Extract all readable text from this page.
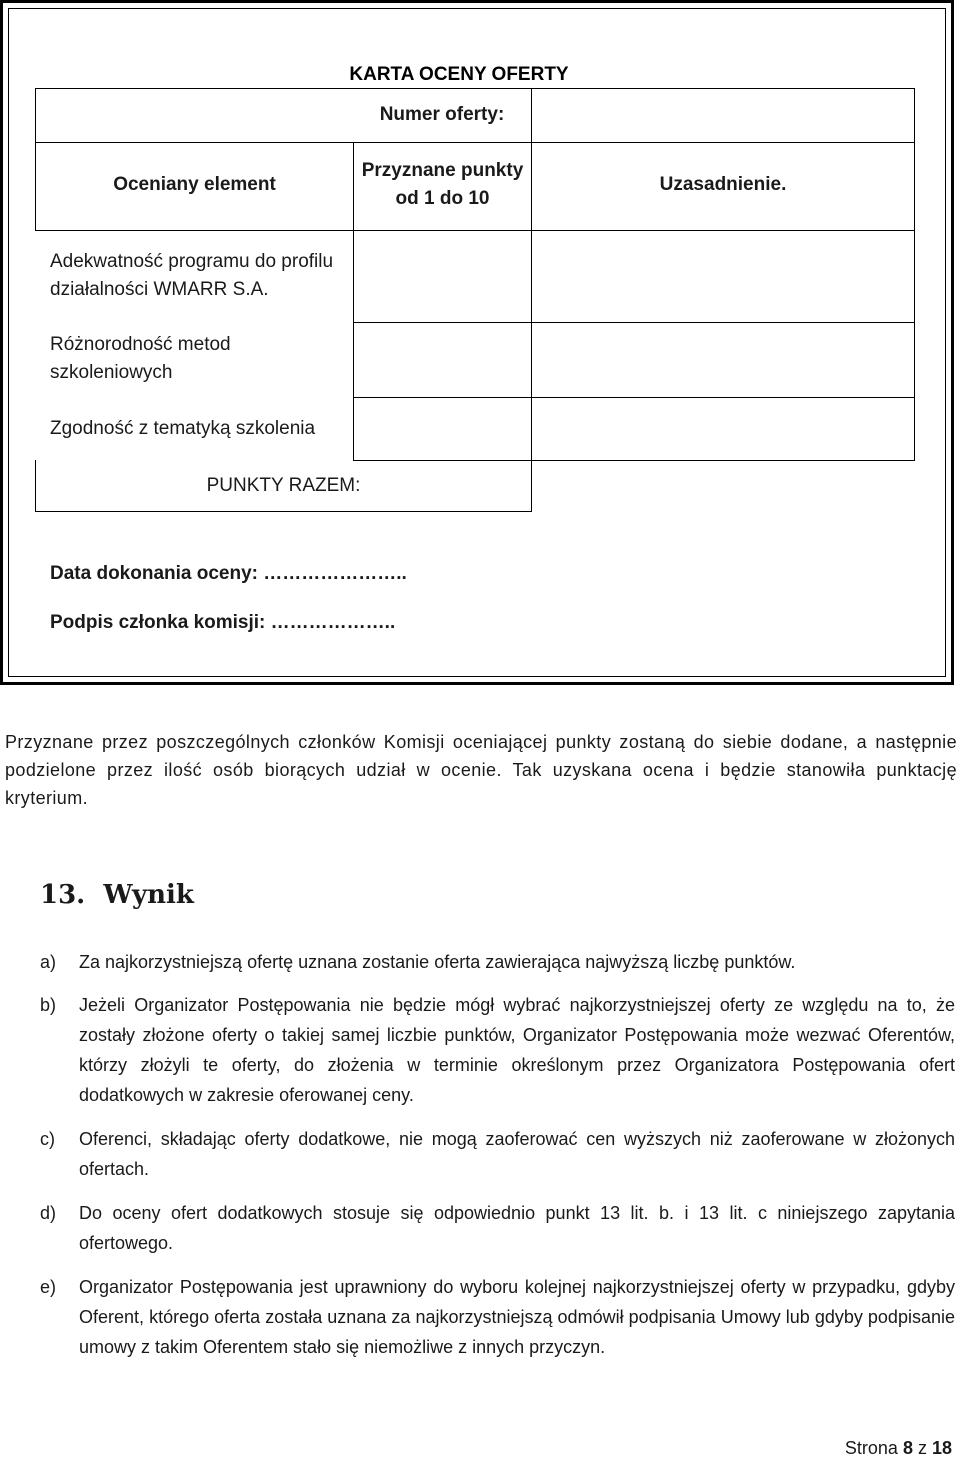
KARTA OCENY OFERTY
Numer oferty:
Oceniany element
Przyznane punkty od 1 do 10
Uzasadnienie.
Adekwatność programu do profilu działalności WMARR S.A.
Różnorodność metod szkoleniowych
Zgodność z tematyką szkolenia
PUNKTY RAZEM:
Data dokonania oceny: …………………..
Podpis członka komisji: ………………..
Przyznane przez poszczególnych członków Komisji oceniającej punkty zostaną do siebie dodane, a następnie podzielone przez ilość osób biorących udział w ocenie. Tak uzyskana ocena i będzie stanowiła punktację kryterium.
13.  Wynik
a) Za najkorzystniejszą ofertę uznana zostanie oferta zawierająca najwyższą liczbę punktów.
b) Jeżeli Organizator Postępowania nie będzie mógł wybrać najkorzystniejszej oferty ze względu na to, że zostały złożone oferty o takiej samej liczbie punktów, Organizator Postępowania może wezwać Oferentów, którzy złożyli te oferty, do złożenia w terminie określonym przez Organizatora Postępowania ofert dodatkowych w zakresie oferowanej ceny.
c) Oferenci, składając oferty dodatkowe, nie mogą zaoferować cen wyższych niż zaoferowane w złożonych ofertach.
d) Do oceny ofert dodatkowych stosuje się odpowiednio punkt 13 lit. b. i 13 lit. c niniejszego zapytania ofertowego.
e) Organizator Postępowania jest uprawniony do wyboru kolejnej najkorzystniejszej oferty w przypadku, gdyby Oferent, którego oferta została uznana za najkorzystniejszą odmówił podpisania Umowy lub gdyby podpisanie umowy z takim Oferentem stało się niemożliwe z innych przyczyn.
Strona 8 z 18
